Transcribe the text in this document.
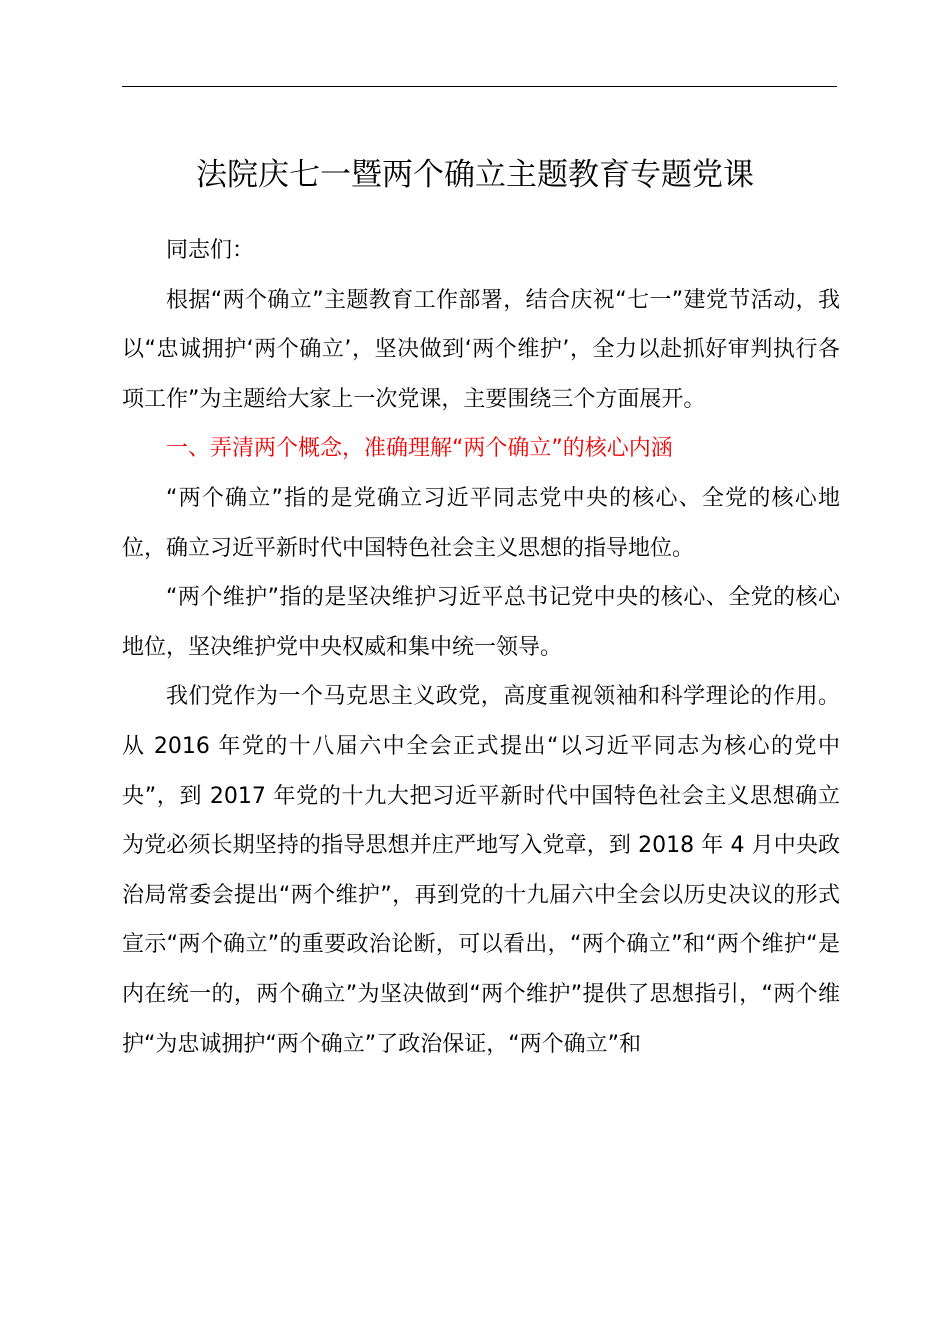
法院庆七一暨两个确立主题教育专题党课

同志们：

根据“两个确立”主题教育工作部署，结合庆祝“七一”建党节活动，我以“忠诚拥护‘两个确立’，坚决做到‘两个维护’，全力以赴抓好审判执行各项工作”为主题给大家上一次党课，主要围绕三个方面展开。

一、弄清两个概念，准确理解“两个确立”的核心内涵

“两个确立”指的是党确立习近平同志党中央的核心、全党的核心地位，确立习近平新时代中国特色社会主义思想的指导地位。

“两个维护”指的是坚决维护习近平总书记党中央的核心、全党的核心地位，坚决维护党中央权威和集中统一领导。

我们党作为一个马克思主义政党，高度重视领袖和科学理论的作用。从 2016 年党的十八届六中全会正式提出“以习近平同志为核心的党中央”，到 2017 年党的十九大把习近平新时代中国特色社会主义思想确立为党必须长期坚持的指导思想并庄严地写入党章，到 2018 年 4 月中央政治局常委会提出“两个维护”，再到党的十九届六中全会以历史决议的形式宣示“两个确立”的重要政治论断，可以看出，“两个确立”和“两个维护“是内在统一的，两个确立”为坚决做到“两个维护”提供了思想指引，“两个维护“为忠诚拥护“两个确立”了政治保证，“两个确立”和
